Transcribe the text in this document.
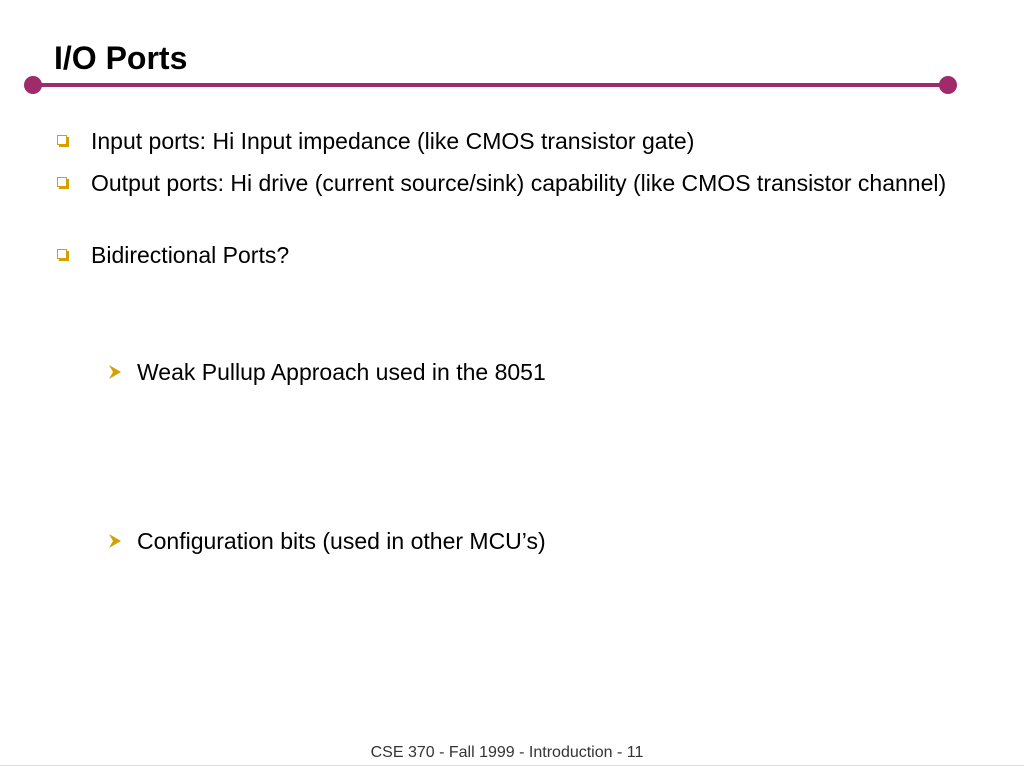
I/O Ports
Input ports: Hi Input impedance (like CMOS transistor gate)
Output ports: Hi drive (current source/sink) capability (like CMOS transistor channel)
Bidirectional Ports?
Weak Pullup Approach used in the 8051
Configuration bits (used in other MCU’s)
CSE 370 - Fall 1999 - Introduction - 11
